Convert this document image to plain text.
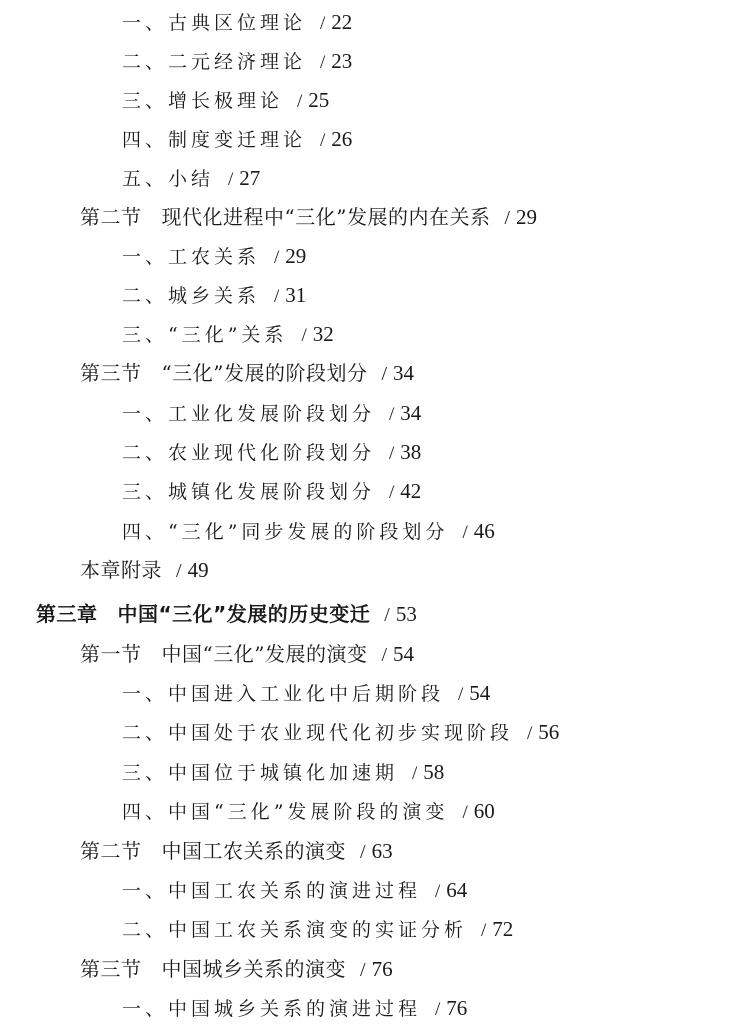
一、古典区位理论 / 22
二、二元经济理论 / 23
三、增长极理论 / 25
四、制度变迁理论 / 26
五、小结 / 27
第二节 现代化进程中“三化”发展的内在关系 / 29
一、工农关系 / 29
二、城乡关系 / 31
三、“三化”关系 / 32
第三节 “三化”发展的阶段划分 / 34
一、工业化发展阶段划分 / 34
二、农业现代化阶段划分 / 38
三、城镇化发展阶段划分 / 42
四、“三化”同步发展的阶段划分 / 46
本章附录 / 49
第三章 中国“三化”发展的历史变迁 / 53
第一节 中国“三化”发展的演变 / 54
一、中国进入工业化中后期阶段 / 54
二、中国处于农业现代化初步实现阶段 / 56
三、中国位于城镇化加速期 / 58
四、中国“三化”发展阶段的演变 / 60
第二节 中国工农关系的演变 / 63
一、中国工农关系的演进过程 / 64
二、中国工农关系演变的实证分析 / 72
第三节 中国城乡关系的演变 / 76
一、中国城乡关系的演进过程 / 76
